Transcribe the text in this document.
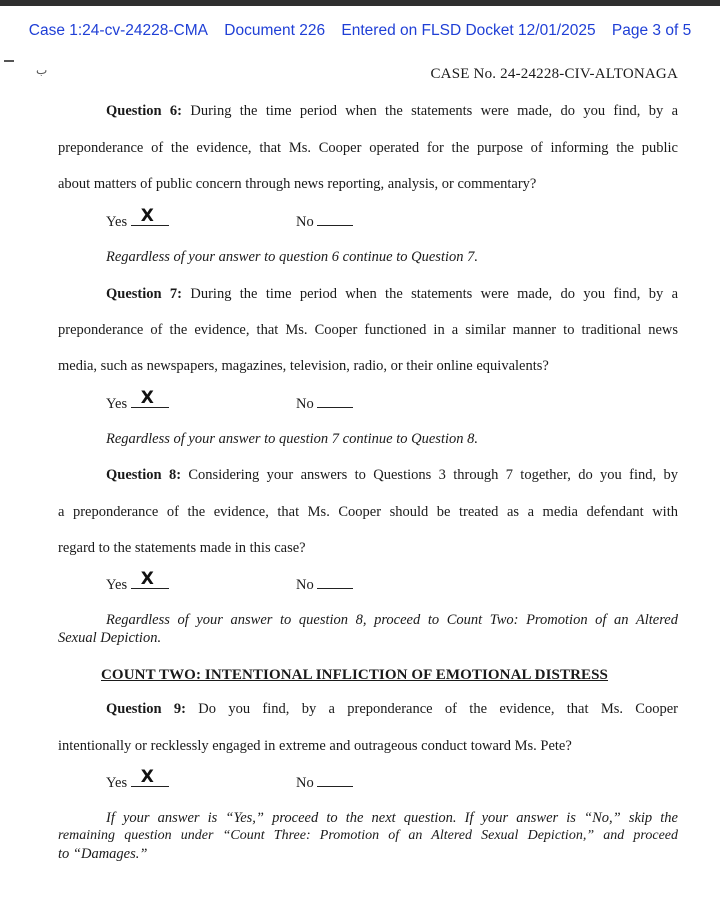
Case 1:24-cv-24228-CMA Document 226 Entered on FLSD Docket 12/01/2025 Page 3 of 5
ب	CASE No. 24-24228-CIV-ALTONAGA
Question 6: During the time period when the statements were made, do you find, by a
preponderance of the evidence, that Ms. Cooper operated for the purpose of informing the public
about matters of public concern through news reporting, analysis, or commentary?
Yes X	No
Regardless of your answer to question 6 continue to Question 7.
Question 7: During the time period when the statements were made, do you find, by a
preponderance of the evidence, that Ms. Cooper functioned in a similar manner to traditional news
media, such as newspapers, magazines, television, radio, or their online equivalents?
Yes X	No
Regardless of your answer to question 7 continue to Question 8.
Question 8: Considering your answers to Questions 3 through 7 together, do you find, by
a preponderance of the evidence, that Ms. Cooper should be treated as a media defendant with
regard to the statements made in this case?
Yes X	No
Regardless of your answer to question 8, proceed to Count Two: Promotion of an Altered
Sexual Depiction.
COUNT TWO: INTENTIONAL INFLICTION OF EMOTIONAL DISTRESS
Question 9: Do you find, by a preponderance of the evidence, that Ms. Cooper
intentionally or recklessly engaged in extreme and outrageous conduct toward Ms. Pete?
Yes X	No
If your answer is “Yes,” proceed to the next question. If your answer is “No,” skip the
remaining question under “Count Three: Promotion of an Altered Sexual Depiction,” and proceed
to “Damages.”
